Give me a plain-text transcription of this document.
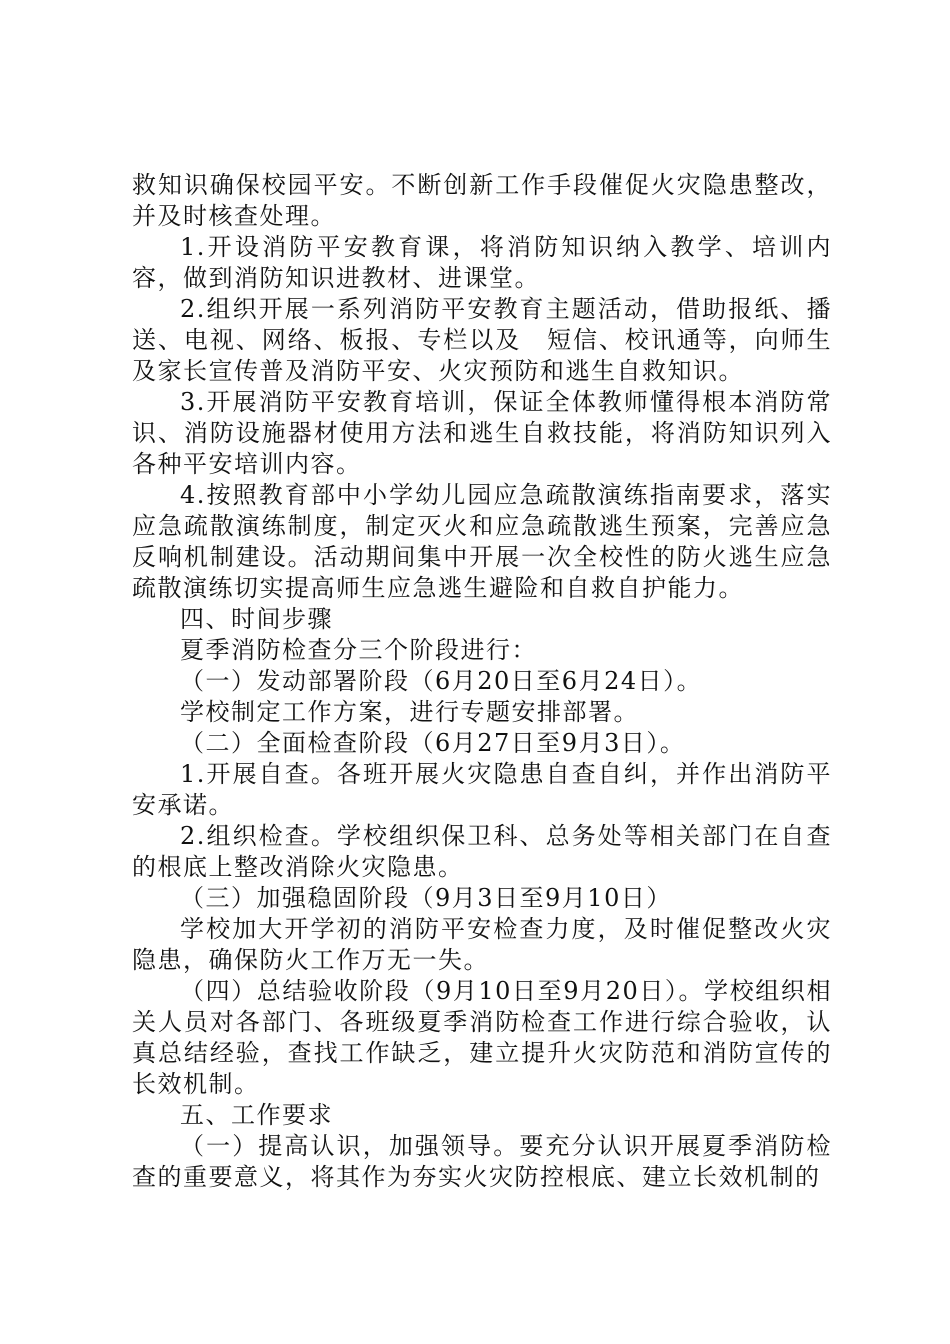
救知识确保校园平安。不断创新工作手段催促火灾隐患整改，并及时核查处理。

1.开设消防平安教育课，将消防知识纳入教学、培训内容，做到消防知识进教材、进课堂。

2.组织开展一系列消防平安教育主题活动，借助报纸、播送、电视、网络、板报、专栏以及　短信、校讯通等，向师生及家长宣传普及消防平安、火灾预防和逃生自救知识。

3.开展消防平安教育培训，保证全体教师懂得根本消防常识、消防设施器材使用方法和逃生自救技能，将消防知识列入各种平安培训内容。

4.按照教育部中小学幼儿园应急疏散演练指南要求，落实应急疏散演练制度，制定灭火和应急疏散逃生预案，完善应急反响机制建设。活动期间集中开展一次全校性的防火逃生应急疏散演练切实提高师生应急逃生避险和自救自护能力。

四、时间步骤

夏季消防检查分三个阶段进行：

（一）发动部署阶段（6月20日至6月24日）。

学校制定工作方案，进行专题安排部署。

（二）全面检查阶段（6月27日至9月3日）。

1.开展自查。各班开展火灾隐患自查自纠，并作出消防平安承诺。

2.组织检查。学校组织保卫科、总务处等相关部门在自查的根底上整改消除火灾隐患。

（三）加强稳固阶段（9月3日至9月10日）

学校加大开学初的消防平安检查力度，及时催促整改火灾隐患，确保防火工作万无一失。

（四）总结验收阶段（9月10日至9月20日）。学校组织相关人员对各部门、各班级夏季消防检查工作进行综合验收，认真总结经验，查找工作缺乏，建立提升火灾防范和消防宣传的长效机制。

五、工作要求

（一）提高认识，加强领导。要充分认识开展夏季消防检查的重要意义，将其作为夯实火灾防控根底、建立长效机制的
